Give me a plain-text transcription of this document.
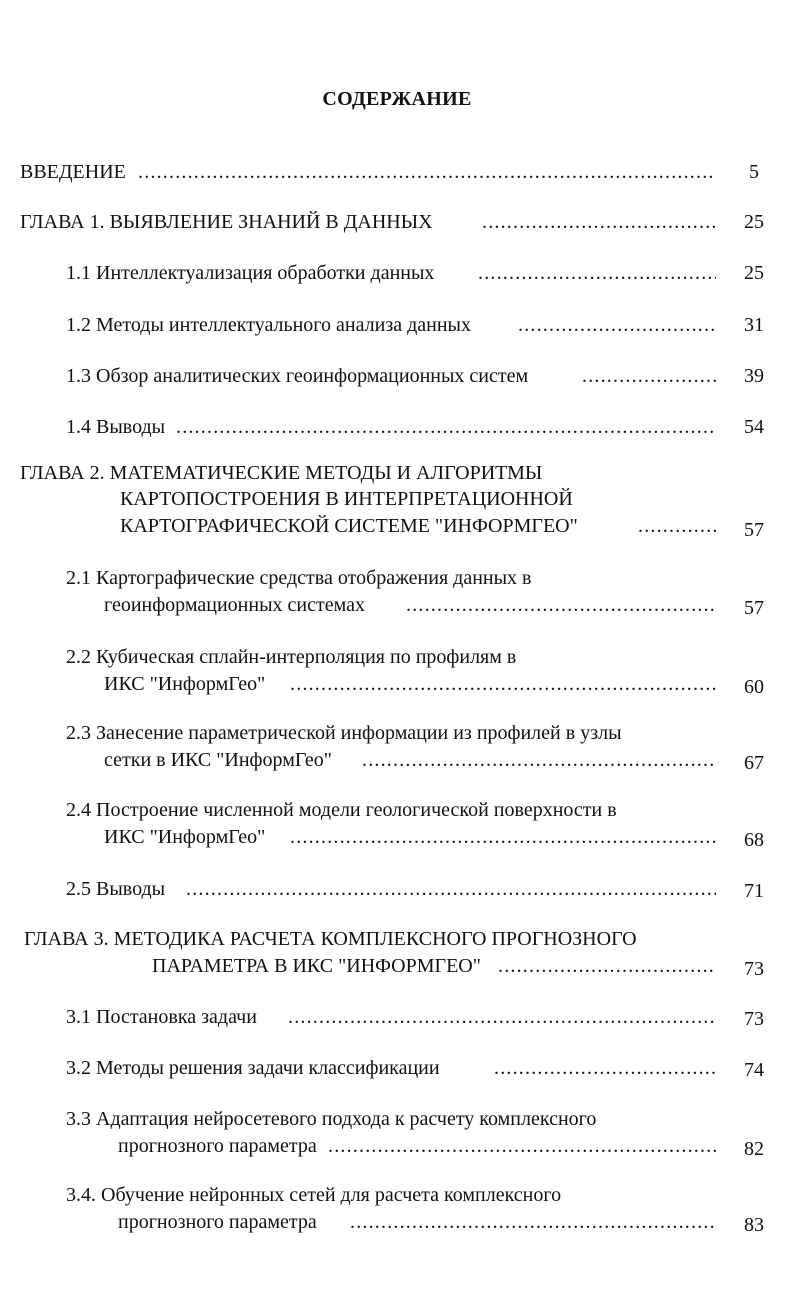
СОДЕРЖАНИЕ
ВВЕДЕНИЕ .....	5
ГЛАВА 1. ВЫЯВЛЕНИЕ ЗНАНИЙ В ДАННЫХ .....	25
1.1 Интеллектуализация обработки данных .....	25
1.2 Методы интеллектуального анализа данных .....	31
1.3 Обзор аналитических геоинформационных систем .....	39
1.4 Выводы .....	54
ГЛАВА 2. МАТЕМАТИЧЕСКИЕ МЕТОДЫ И АЛГОРИТМЫ
КАРТОПОСТРОЕНИЯ В ИНТЕРПРЕТАЦИОННОЙ
КАРТОГРАФИЧЕСКОЙ СИСТЕМЕ "ИНФОРМГЕО" .....	57
2.1 Картографические средства отображения данных в
геоинформационных системах .....	57
2.2 Кубическая сплайн-интерполяция по профилям в
ИКС "ИнформГео" .....	60
2.3 Занесение параметрической информации из профилей в узлы
сетки в ИКС "ИнформГео" .....	67
2.4 Построение численной модели геологической поверхности в
ИКС "ИнформГео" .....	68
2.5 Выводы .....	71
ГЛАВА 3. МЕТОДИКА РАСЧЕТА КОМПЛЕКСНОГО ПРОГНОЗНОГО
ПАРАМЕТРА В ИКС "ИНФОРМГЕО" .....	73
3.1 Постановка задачи .....	73
3.2 Методы решения задачи классификации .....	74
3.3 Адаптация нейросетевого подхода к расчету комплексного
прогнозного параметра .....	82
3.4. Обучение нейронных сетей для расчета комплексного
прогнозного параметра .....	83
